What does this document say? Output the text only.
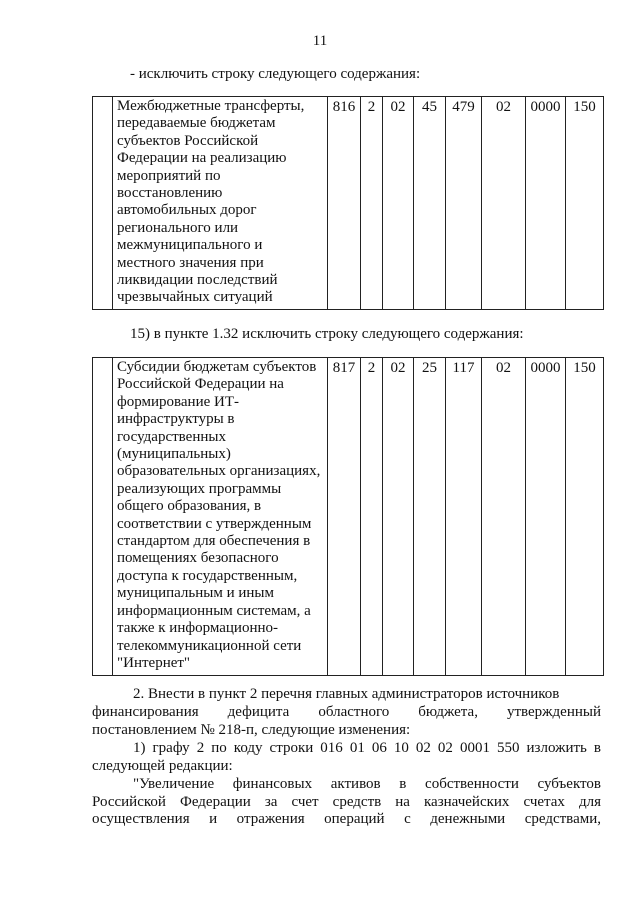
11
- исключить строку следующего содержания:

Межбюджетные трансферты,
передаваемые бюджетам
субъектов Российской
Федерации на реализацию
мероприятий по
восстановлению
автомобильных дорог
регионального или
межмуниципального и
местного значения при
ликвидации последствий
чрезвычайных ситуаций
	816	2	02	45	479	02	0000	150
15) в пункте 1.32 исключить строку следующего содержания:

Субсидии бюджетам субъектов
Российской Федерации на
формирование ИТ-
инфраструктуры в
государственных
(муниципальных)
образовательных организациях,
реализующих программы
общего образования, в
соответствии с утвержденным
стандартом для обеспечения в
помещениях безопасного
доступа к государственным,
муниципальным и иным
информационным системам, а
также к информационно-
телекоммуникационной сети
"Интернет"
	817	2	02	25	117	02	0000	150
2. Внести в пункт 2 перечня главных администраторов источников
финансирования дефицита областного бюджета, утвержденный
постановлением № 218-п, следующие изменения:
1) графу 2 по коду строки 016 01 06 10 02 02 0001 550 изложить в
следующей редакции:
"Увеличение финансовых активов в собственности субъектов
Российской Федерации за счет средств на казначейских счетах для
осуществления и отражения операций с денежными средствами,
